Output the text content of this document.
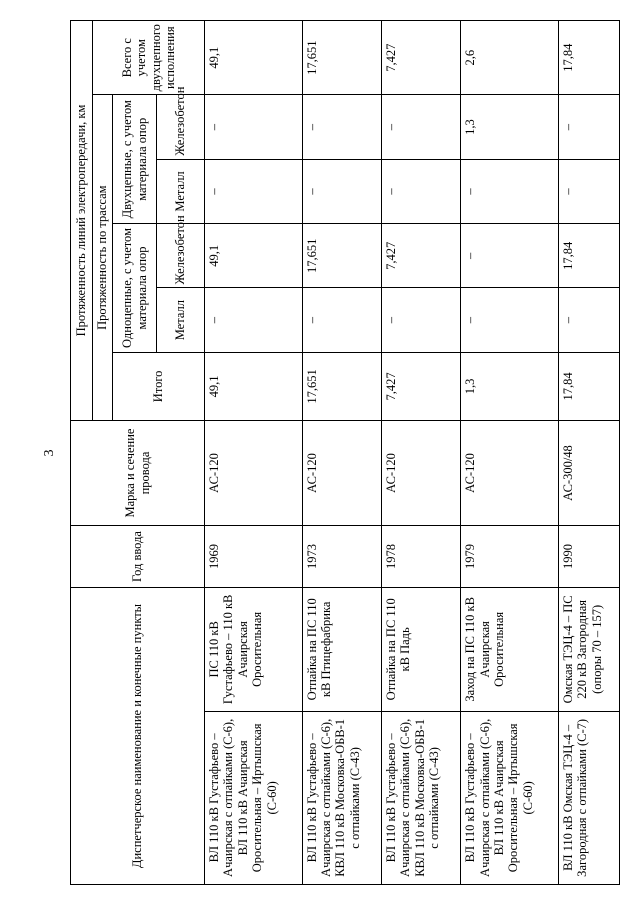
3
Диспетчерское наименование и конечные пункты		Год ввода	Марка и сечение провода	Протяженность линий электропередачи, км					
				Протяженность по трассам					Всего с учетом двухцепного исполнения
				Итого	Одноцепные, с учетом материала опор		Двухцепные, с учетом материала опор		
					Металл	Железобетон	Металл	Железобетон	
ВЛ 110 кВ Густафьево – Ачаирская с отпайками (С-6), ВЛ 110 кВ Ачаирская Оросительная – Иртышская (С-60)	ПС 110 кВ Густафьево – 110 кВ Ачаирская Оросительная	1969	АС-120	49,1	–	49,1	–	–	49,1
ВЛ 110 кВ Густафьево – Ачаирская с отпайками (С-6), КВЛ 110 кВ Московка-ОБВ-1 с отпайками (С-43)	Отпайка на ПС 110 кВ Птицефабрика	1973	АС-120	17,651	–	17,651	–	–	17,651
ВЛ 110 кВ Густафьево – Ачаирская с отпайками (С-6), КВЛ 110 кВ Московка-ОБВ-1 с отпайками (С-43)	Отпайка на ПС 110 кВ Падь	1978	АС-120	7,427	–	7,427	–	–	7,427
ВЛ 110 кВ Густафьево – Ачаирская с отпайками (С-6), ВЛ 110 кВ Ачаирская Оросительная – Иртышская (С-60)	Заход на ПС 110 кВ Ачаирская Оросительная	1979	АС-120	1,3	–	–	–	1,3	2,6
ВЛ 110 кВ Омская ТЭЦ-4 – Загородная с отпайками (С-7)	Омская ТЭЦ-4 – ПС 220 кВ Загородная (опоры 70 – 157)	1990	АС-300/48	17,84	–	17,84	–	–	17,84
